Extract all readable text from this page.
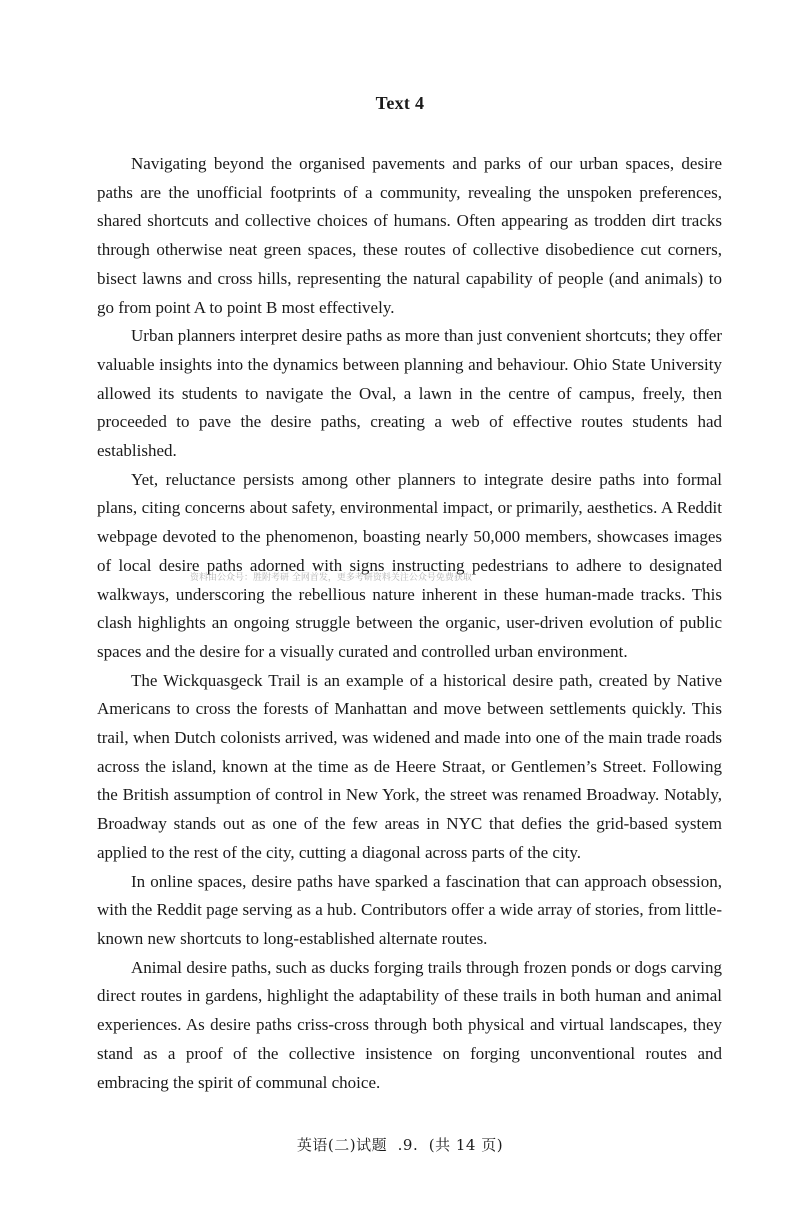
Text 4

Navigating beyond the organised pavements and parks of our urban spaces, desire paths are the unofficial footprints of a community, revealing the unspoken preferences, shared shortcuts and collective choices of humans. Often appearing as trodden dirt tracks through otherwise neat green spaces, these routes of collective disobedience cut corners, bisect lawns and cross hills, representing the natural capability of people (and animals) to go from point A to point B most effectively.

Urban planners interpret desire paths as more than just convenient shortcuts; they offer valuable insights into the dynamics between planning and behaviour. Ohio State University allowed its students to navigate the Oval, a lawn in the centre of campus, freely, then proceeded to pave the desire paths, creating a web of effective routes students had established.

Yet, reluctance persists among other planners to integrate desire paths into formal plans, citing concerns about safety, environmental impact, or primarily, aesthetics. A Reddit webpage devoted to the phenomenon, boasting nearly 50,000 members, showcases images of local desire paths adorned with signs instructing pedestrians to adhere to designated walkways, underscoring the rebellious nature inherent in these human-made tracks. This clash highlights an ongoing struggle between the organic, user-driven evolution of public spaces and the desire for a visually curated and controlled urban environment.

The Wickquasgeck Trail is an example of a historical desire path, created by Native Americans to cross the forests of Manhattan and move between settlements quickly. This trail, when Dutch colonists arrived, was widened and made into one of the main trade roads across the island, known at the time as de Heere Straat, or Gentlemen’s Street. Following the British assumption of control in New York, the street was renamed Broadway. Notably, Broadway stands out as one of the few areas in NYC that defies the grid-based system applied to the rest of the city, cutting a diagonal across parts of the city.

In online spaces, desire paths have sparked a fascination that can approach obsession, with the Reddit page serving as a hub. Contributors offer a wide array of stories, from little-known new shortcuts to long-established alternate routes.

Animal desire paths, such as ducks forging trails through frozen ponds or dogs carving direct routes in gardens, highlight the adaptability of these trails in both human and animal experiences. As desire paths criss-cross through both physical and virtual landscapes, they stand as a proof of the collective insistence on forging unconventional routes and embracing the spirit of communal choice.

资料由公众号：胜附考研 全网首发，更多考研资料关注公众号免费获取
英语(二)试题  .9.  (共 14 页)
